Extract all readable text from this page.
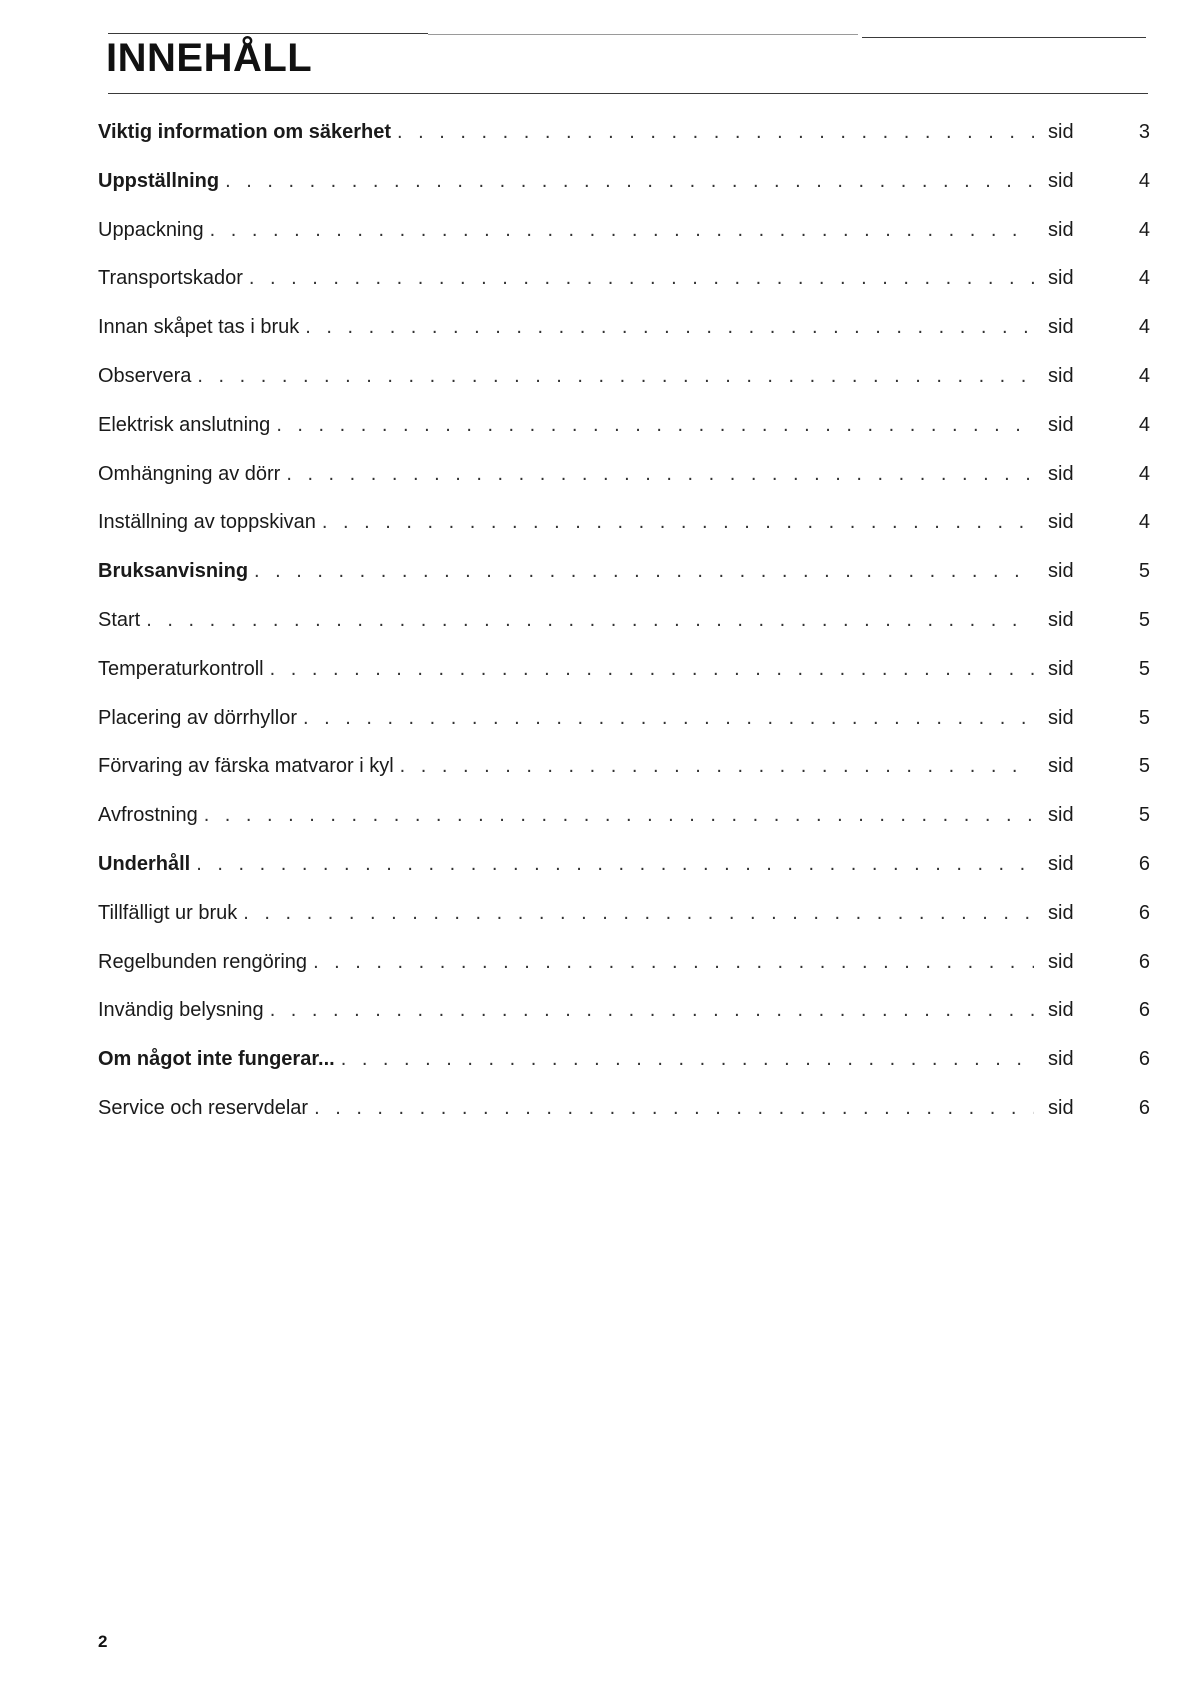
INNEHÅLL
Viktig information om säkerhet . . .	sid	3
Uppställning . . .	sid	4
Uppackning . . .	sid	4
Transportskador . . .	sid	4
Innan skåpet tas i bruk . . .	sid	4
Observera . . .	sid	4
Elektrisk anslutning . . .	sid	4
Omhängning av dörr . . .	sid	4
Inställning av toppskivan . . .	sid	4
Bruksanvisning . . .	sid	5
Start . . .	sid	5
Temperaturkontroll . . .	sid	5
Placering av dörrhyllor . . .	sid	5
Förvaring av färska matvaror i kyl . . .	sid	5
Avfrostning . . .	sid	5
Underhåll . . .	sid	6
Tillfälligt ur bruk . . .	sid	6
Regelbunden rengöring . . .	sid	6
Invändig belysning . . .	sid	6
Om något inte fungerar... . . .	sid	6
Service och reservdelar . . .	sid	6
2
